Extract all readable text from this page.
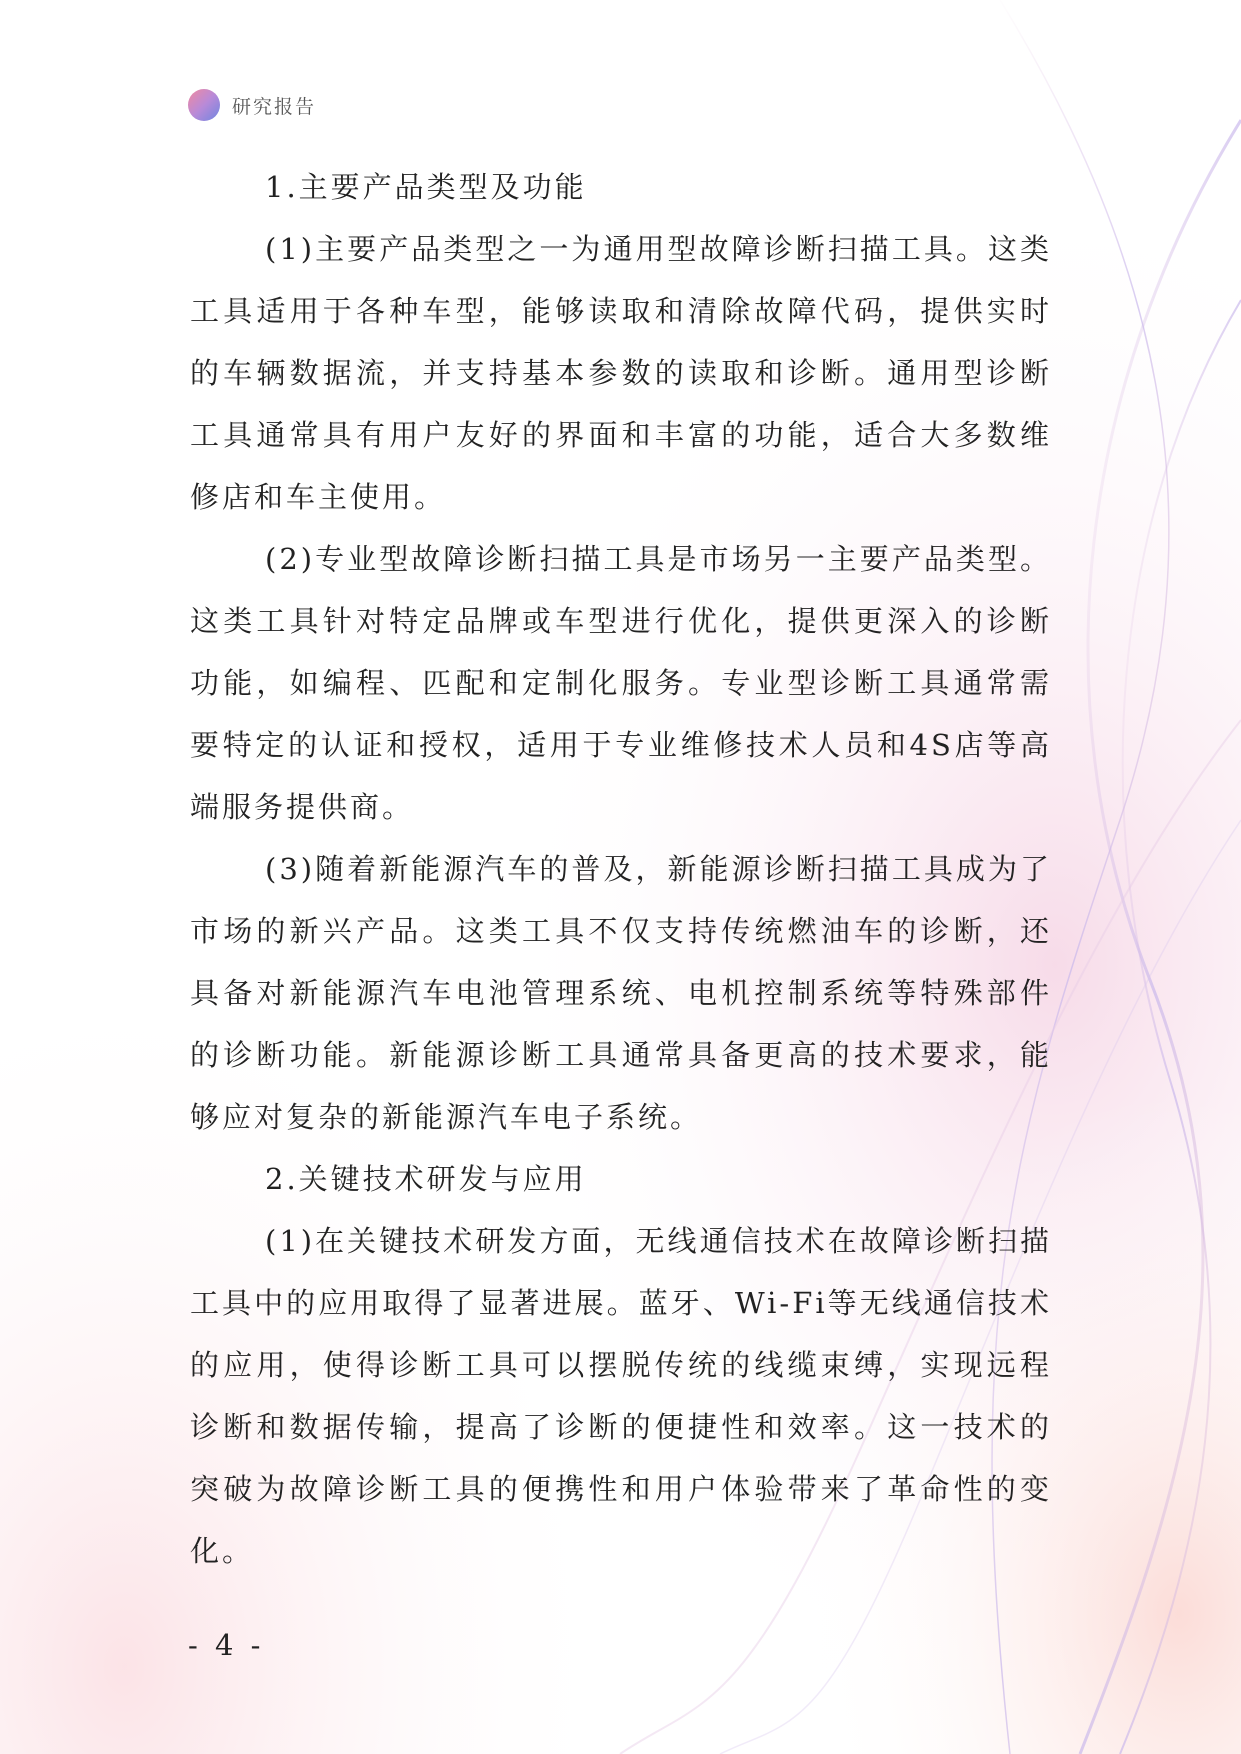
研究报告

1.主要产品类型及功能

(1)主要产品类型之一为通用型故障诊断扫描工具。这类工具适用于各种车型，能够读取和清除故障代码，提供实时的车辆数据流，并支持基本参数的读取和诊断。通用型诊断工具通常具有用户友好的界面和丰富的功能，适合大多数维修店和车主使用。

(2)专业型故障诊断扫描工具是市场另一主要产品类型。这类工具针对特定品牌或车型进行优化，提供更深入的诊断功能，如编程、匹配和定制化服务。专业型诊断工具通常需要特定的认证和授权，适用于专业维修技术人员和4S店等高端服务提供商。

(3)随着新能源汽车的普及，新能源诊断扫描工具成为了市场的新兴产品。这类工具不仅支持传统燃油车的诊断，还具备对新能源汽车电池管理系统、电机控制系统等特殊部件的诊断功能。新能源诊断工具通常具备更高的技术要求，能够应对复杂的新能源汽车电子系统。

2.关键技术研发与应用

(1)在关键技术研发方面，无线通信技术在故障诊断扫描工具中的应用取得了显著进展。蓝牙、Wi-Fi等无线通信技术的应用，使得诊断工具可以摆脱传统的线缆束缚，实现远程诊断和数据传输，提高了诊断的便捷性和效率。这一技术的突破为故障诊断工具的便携性和用户体验带来了革命性的变化。

- 4 -
